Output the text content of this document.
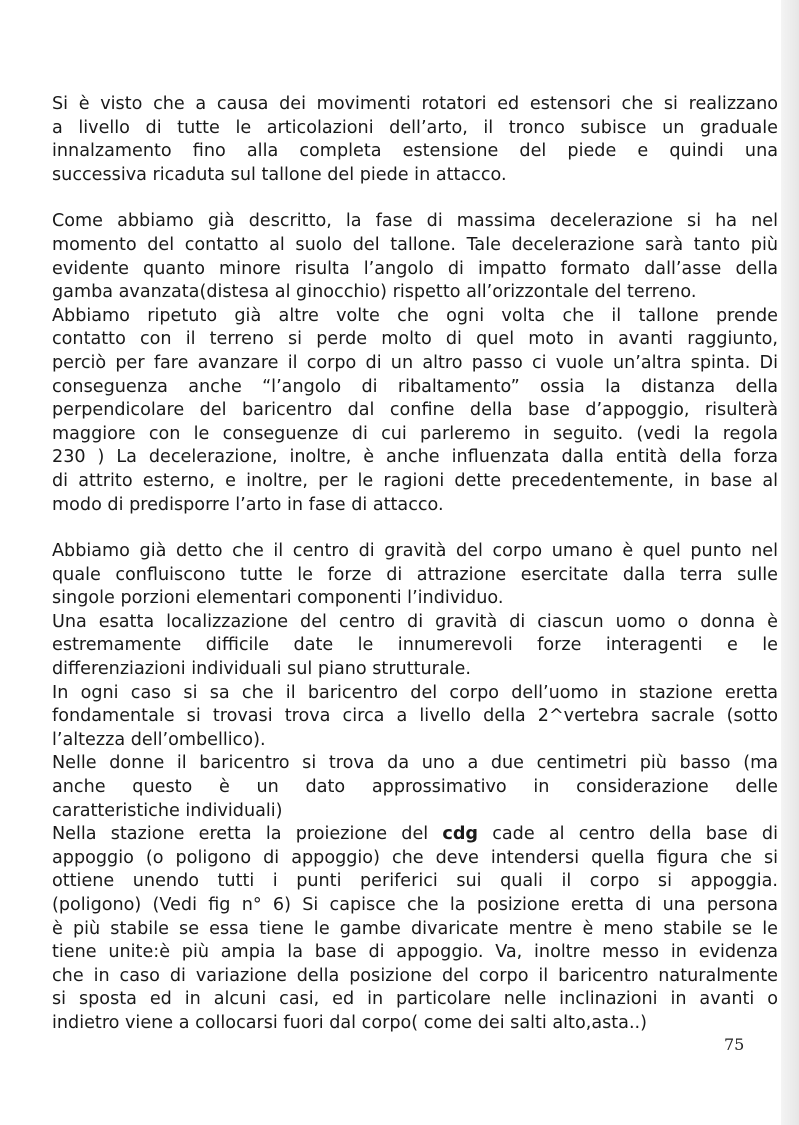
Si è visto che a causa dei movimenti rotatori ed estensori che si realizzano
a livello di tutte le articolazioni dell’arto, il tronco subisce un graduale
innalzamento fino alla completa estensione del piede e quindi una
successiva ricaduta sul tallone del piede in attacco.
Come abbiamo già descritto, la fase di massima decelerazione si ha nel
momento del contatto al suolo del tallone. Tale decelerazione sarà tanto più
evidente quanto minore risulta l’angolo di impatto formato dall’asse della
gamba avanzata(distesa al ginocchio) rispetto all’orizzontale del terreno.
Abbiamo ripetuto già altre volte che ogni volta che il tallone prende
contatto con il terreno si perde molto di quel moto in avanti raggiunto,
perciò per fare avanzare il corpo di un altro passo ci vuole un’altra spinta. Di
conseguenza anche “l’angolo di ribaltamento” ossia la distanza della
perpendicolare del baricentro dal confine della base d’appoggio, risulterà
maggiore con le conseguenze di cui parleremo in seguito. (vedi la regola
230 ) La decelerazione, inoltre, è anche influenzata dalla entità della forza
di attrito esterno, e inoltre, per le ragioni dette precedentemente, in base al
modo di predisporre l’arto in fase di attacco.
Abbiamo già detto che il centro di gravità del corpo umano è quel punto nel
quale confluiscono tutte le forze di attrazione esercitate dalla terra sulle
singole porzioni elementari componenti l’individuo.
Una esatta localizzazione del centro di gravità di ciascun uomo o donna è
estremamente difficile date le innumerevoli forze interagenti e le
differenziazioni individuali sul piano strutturale.
In ogni caso si sa che il baricentro del corpo dell’uomo in stazione eretta
fondamentale si trovasi trova circa a livello della 2^vertebra sacrale (sotto
l’altezza dell’ombellico).
Nelle donne il baricentro si trova da uno a due centimetri più basso (ma
anche questo è un dato approssimativo in considerazione delle
caratteristiche individuali)
Nella stazione eretta la proiezione del cdg cade al centro della base di
appoggio (o poligono di appoggio) che deve intendersi quella figura che si
ottiene unendo tutti i punti periferici sui quali il corpo si appoggia.
(poligono) (Vedi fig n° 6) Si capisce che la posizione eretta di una persona
è più stabile se essa tiene le gambe divaricate mentre è meno stabile se le
tiene unite:è più ampia la base di appoggio. Va, inoltre messo in evidenza
che in caso di variazione della posizione del corpo il baricentro naturalmente
si sposta ed in alcuni casi, ed in particolare nelle inclinazioni in avanti o
indietro viene a collocarsi fuori dal corpo( come dei salti alto,asta..)
75
